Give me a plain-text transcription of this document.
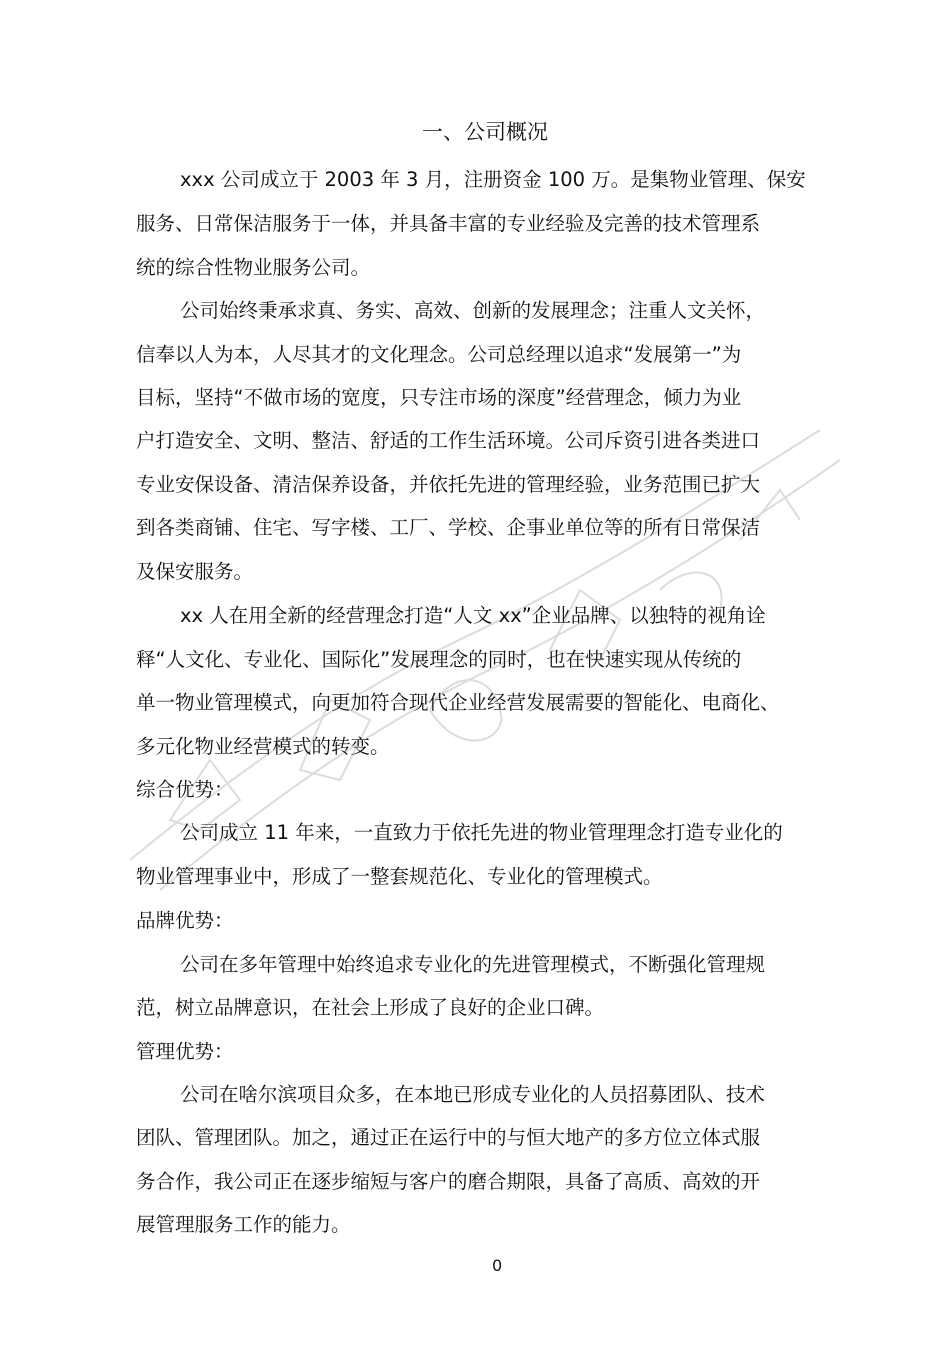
一、公司概况
xxx 公司成立于 2003 年 3 月，注册资金 100 万。是集物业管理、保安
服务、日常保洁服务于一体，并具备丰富的专业经验及完善的技术管理系
统的综合性物业服务公司。
公司始终秉承求真、务实、高效、创新的发展理念；注重人文关怀，
信奉以人为本，人尽其才的文化理念。公司总经理以追求“发展第一”为
目标，坚持“不做市场的宽度，只专注市场的深度”经营理念，倾力为业
户打造安全、文明、整洁、舒适的工作生活环境。公司斥资引进各类进口
专业安保设备、清洁保养设备，并依托先进的管理经验，业务范围已扩大
到各类商铺、住宅、写字楼、工厂、学校、企事业单位等的所有日常保洁
及保安服务。
xx 人在用全新的经营理念打造“人文 xx”企业品牌、以独特的视角诠
释“人文化、专业化、国际化”发展理念的同时，也在快速实现从传统的
单一物业管理模式，向更加符合现代企业经营发展需要的智能化、电商化、
多元化物业经营模式的转变。
综合优势：
公司成立 11 年来，一直致力于依托先进的物业管理理念打造专业化的
物业管理事业中，形成了一整套规范化、专业化的管理模式。
品牌优势：
公司在多年管理中始终追求专业化的先进管理模式，不断强化管理规
范，树立品牌意识，在社会上形成了良好的企业口碑。
管理优势：
公司在啥尔滨项目众多，在本地已形成专业化的人员招募团队、技术
团队、管理团队。加之，通过正在运行中的与恒大地产的多方位立体式服
务合作，我公司正在逐步缩短与客户的磨合期限，具备了高质、高效的开
展管理服务工作的能力。
0
